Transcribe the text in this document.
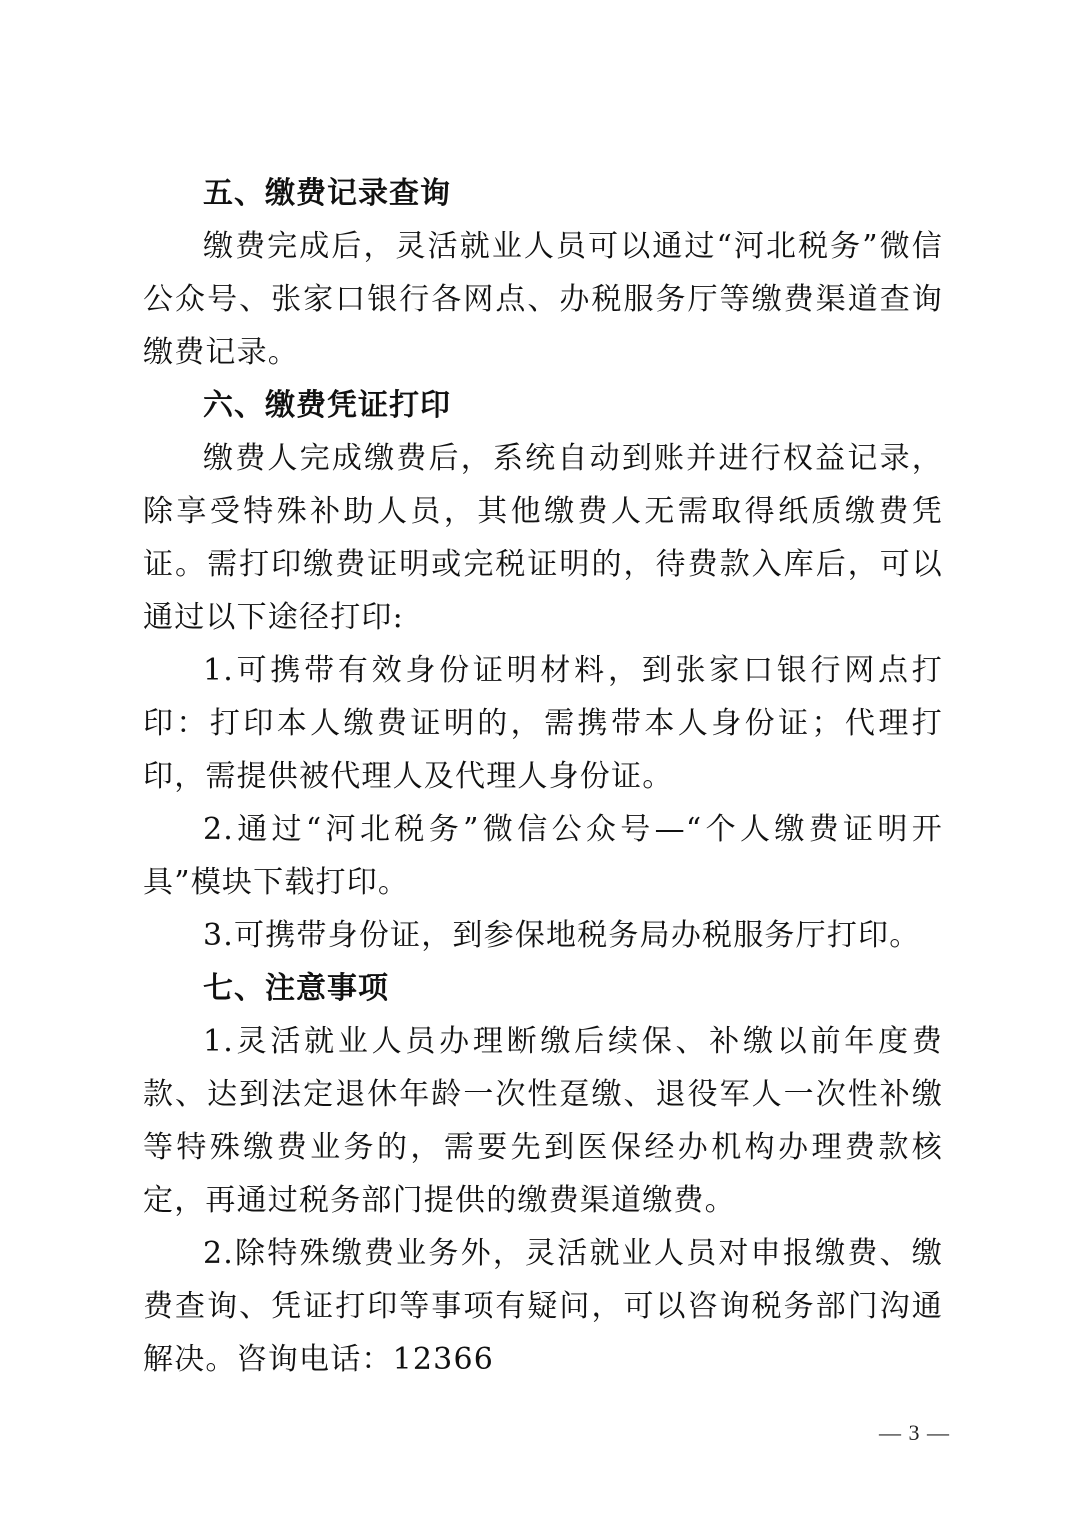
五、缴费记录查询

缴费完成后，灵活就业人员可以通过“河北税务”微信公众号、张家口银行各网点、办税服务厅等缴费渠道查询缴费记录。

六、缴费凭证打印

缴费人完成缴费后，系统自动到账并进行权益记录，除享受特殊补助人员，其他缴费人无需取得纸质缴费凭证。需打印缴费证明或完税证明的，待费款入库后，可以通过以下途径打印:

1.可携带有效身份证明材料，到张家口银行网点打印：打印本人缴费证明的，需携带本人身份证；代理打印，需提供被代理人及代理人身份证。

2.通过“河北税务”微信公众号—“个人缴费证明开具”模块下载打印。

3.可携带身份证，到参保地税务局办税服务厅打印。

七、注意事项

1.灵活就业人员办理断缴后续保、补缴以前年度费款、达到法定退休年龄一次性趸缴、退役军人一次性补缴等特殊缴费业务的，需要先到医保经办机构办理费款核定，再通过税务部门提供的缴费渠道缴费。

2.除特殊缴费业务外，灵活就业人员对申报缴费、缴费查询、凭证打印等事项有疑问，可以咨询税务部门沟通解决。咨询电话：12366

— 3 —
